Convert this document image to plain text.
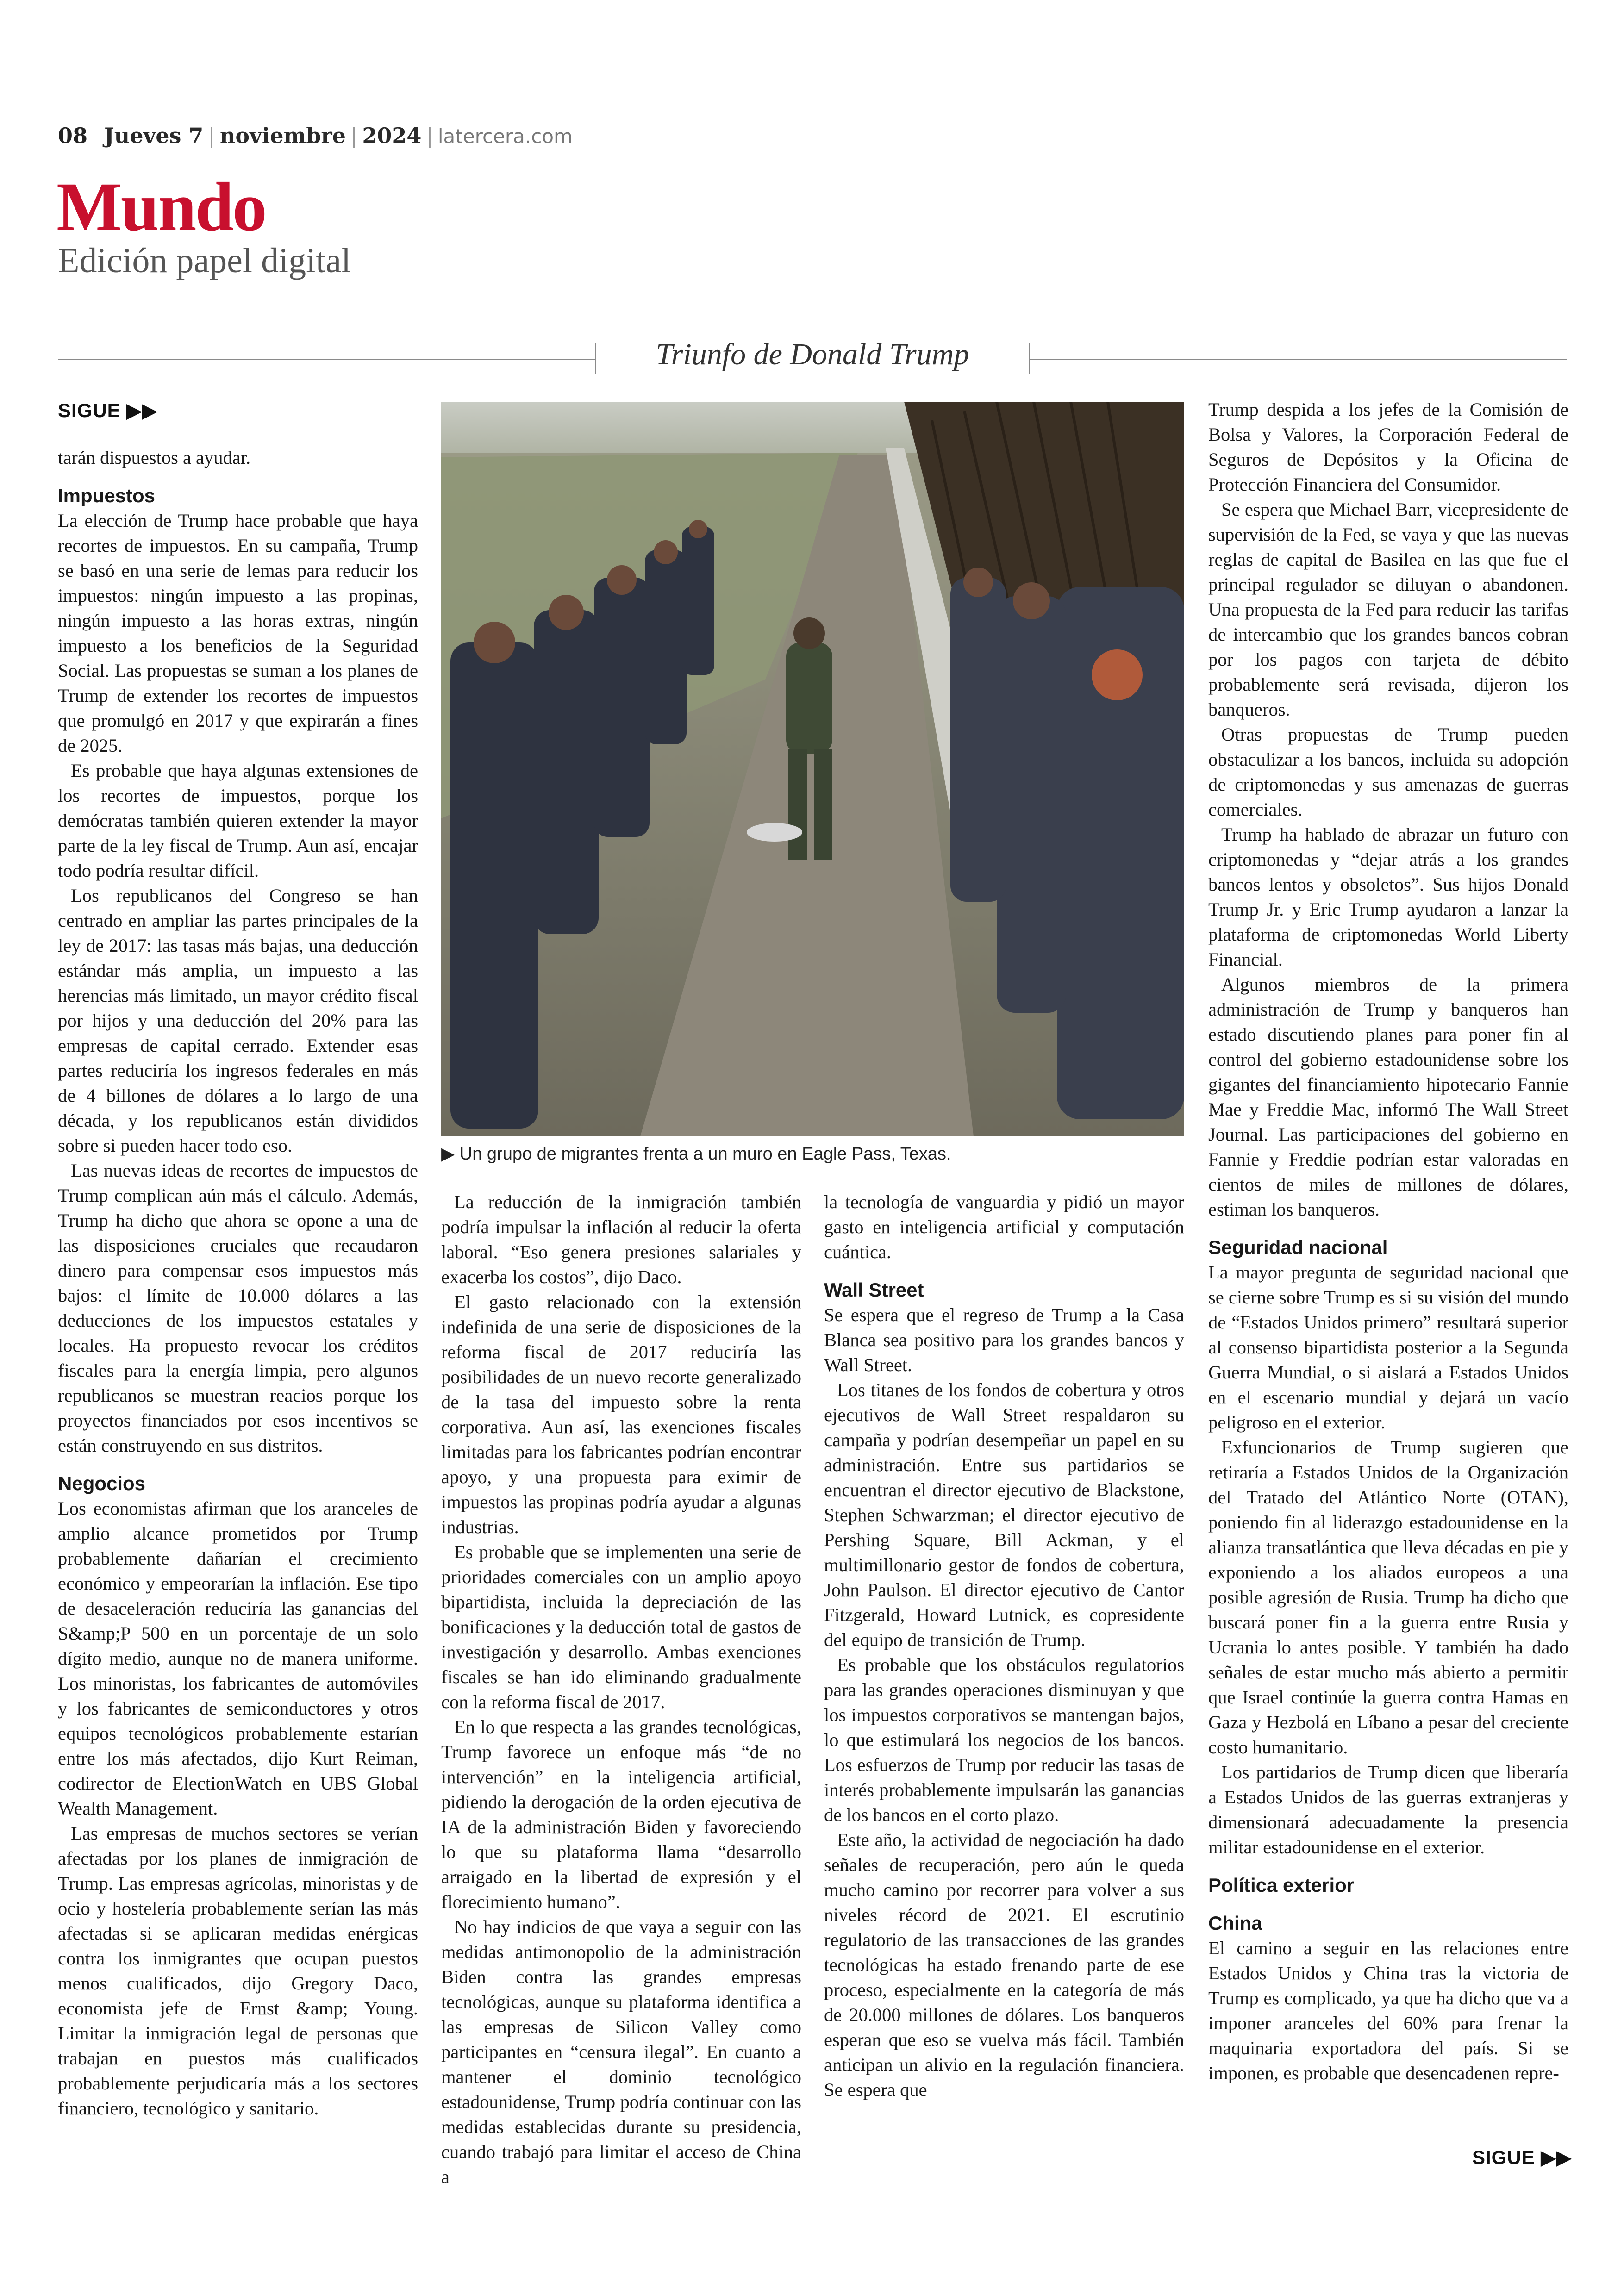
08 Jueves 7 | noviembre | 2024 | latercera.com
Mundo
Edición papel digital
Triunfo de Donald Trump
SIGUE ▶▶

tarán dispuestos a ayudar.

Impuestos

La elección de Trump hace probable que haya recortes de impuestos. En su campaña, Trump se basó en una serie de lemas para reducir los impuestos: ningún impuesto a las propinas, ningún impuesto a las horas extras, ningún impuesto a los beneficios de la Seguridad Social. Las propuestas se suman a los planes de Trump de extender los recortes de impuestos que promulgó en 2017 y que expirarán a fines de 2025.

Es probable que haya algunas extensiones de los recortes de impuestos, porque los demócratas también quieren extender la mayor parte de la ley fiscal de Trump. Aun así, encajar todo podría resultar difícil.

Los republicanos del Congreso se han centrado en ampliar las partes principales de la ley de 2017: las tasas más bajas, una deducción estándar más amplia, un impuesto a las herencias más limitado, un mayor crédito fiscal por hijos y una deducción del 20% para las empresas de capital cerrado. Extender esas partes reduciría los ingresos federales en más de 4 billones de dólares a lo largo de una década, y los republicanos están divididos sobre si pueden hacer todo eso.

Las nuevas ideas de recortes de impuestos de Trump complican aún más el cálculo. Además, Trump ha dicho que ahora se opone a una de las disposiciones cruciales que recaudaron dinero para compensar esos impuestos más bajos: el límite de 10.000 dólares a las deducciones de los impuestos estatales y locales. Ha propuesto revocar los créditos fiscales para la energía limpia, pero algunos republicanos se muestran reacios porque los proyectos financiados por esos incentivos se están construyendo en sus distritos.

Negocios

Los economistas afirman que los aranceles de amplio alcance prometidos por Trump probablemente dañarían el crecimiento económico y empeorarían la inflación. Ese tipo de desaceleración reduciría las ganancias del S&amp;P 500 en un porcentaje de un solo dígito medio, aunque no de manera uniforme. Los minoristas, los fabricantes de automóviles y los fabricantes de semiconductores y otros equipos tecnológicos probablemente estarían entre los más afectados, dijo Kurt Reiman, codirector de ElectionWatch en UBS Global Wealth Management.

Las empresas de muchos sectores se verían afectadas por los planes de inmigración de Trump. Las empresas agrícolas, minoristas y de ocio y hostelería probablemente serían las más afectadas si se aplicaran medidas enérgicas contra los inmigrantes que ocupan puestos menos cualificados, dijo Gregory Daco, economista jefe de Ernst &amp; Young. Limitar la inmigración legal de personas que trabajan en puestos más cualificados probablemente perjudicaría más a los sectores financiero, tecnológico y sanitario.

▶ Un grupo de migrantes frenta a un muro en Eagle Pass, Texas.

La reducción de la inmigración también podría impulsar la inflación al reducir la oferta laboral. “Eso genera presiones salariales y exacerba los costos”, dijo Daco.

El gasto relacionado con la extensión indefinida de una serie de disposiciones de la reforma fiscal de 2017 reduciría las posibilidades de un nuevo recorte generalizado de la tasa del impuesto sobre la renta corporativa. Aun así, las exenciones fiscales limitadas para los fabricantes podrían encontrar apoyo, y una propuesta para eximir de impuestos las propinas podría ayudar a algunas industrias.

Es probable que se implementen una serie de prioridades comerciales con un amplio apoyo bipartidista, incluida la depreciación de las bonificaciones y la deducción total de gastos de investigación y desarrollo. Ambas exenciones fiscales se han ido eliminando gradualmente con la reforma fiscal de 2017.

En lo que respecta a las grandes tecnológicas, Trump favorece un enfoque más “de no intervención” en la inteligencia artificial, pidiendo la derogación de la orden ejecutiva de IA de la administración Biden y favoreciendo lo que su plataforma llama “desarrollo arraigado en la libertad de expresión y el florecimiento humano”.

No hay indicios de que vaya a seguir con las medidas antimonopolio de la administración Biden contra las grandes empresas tecnológicas, aunque su plataforma identifica a las empresas de Silicon Valley como participantes en “censura ilegal”. En cuanto a mantener el dominio tecnológico estadounidense, Trump podría continuar con las medidas establecidas durante su presidencia, cuando trabajó para limitar el acceso de China a

la tecnología de vanguardia y pidió un mayor gasto en inteligencia artificial y computación cuántica.

Wall Street

Se espera que el regreso de Trump a la Casa Blanca sea positivo para los grandes bancos y Wall Street.

Los titanes de los fondos de cobertura y otros ejecutivos de Wall Street respaldaron su campaña y podrían desempeñar un papel en su administración. Entre sus partidarios se encuentran el director ejecutivo de Blackstone, Stephen Schwarzman; el director ejecutivo de Pershing Square, Bill Ackman, y el multimillonario gestor de fondos de cobertura, John Paulson. El director ejecutivo de Cantor Fitzgerald, Howard Lutnick, es copresidente del equipo de transición de Trump.

Es probable que los obstáculos regulatorios para las grandes operaciones disminuyan y que los impuestos corporativos se mantengan bajos, lo que estimulará los negocios de los bancos. Los esfuerzos de Trump por reducir las tasas de interés probablemente impulsarán las ganancias de los bancos en el corto plazo.

Este año, la actividad de negociación ha dado señales de recuperación, pero aún le queda mucho camino por recorrer para volver a sus niveles récord de 2021. El escrutinio regulatorio de las transacciones de las grandes tecnológicas ha estado frenando parte de ese proceso, especialmente en la categoría de más de 20.000 millones de dólares. Los banqueros esperan que eso se vuelva más fácil. También anticipan un alivio en la regulación financiera. Se espera que

Trump despida a los jefes de la Comisión de Bolsa y Valores, la Corporación Federal de Seguros de Depósitos y la Oficina de Protección Financiera del Consumidor.

Se espera que Michael Barr, vicepresidente de supervisión de la Fed, se vaya y que las nuevas reglas de capital de Basilea en las que fue el principal regulador se diluyan o abandonen. Una propuesta de la Fed para reducir las tarifas de intercambio que los grandes bancos cobran por los pagos con tarjeta de débito probablemente será revisada, dijeron los banqueros.

Otras propuestas de Trump pueden obstaculizar a los bancos, incluida su adopción de criptomonedas y sus amenazas de guerras comerciales.

Trump ha hablado de abrazar un futuro con criptomonedas y “dejar atrás a los grandes bancos lentos y obsoletos”. Sus hijos Donald Trump Jr. y Eric Trump ayudaron a lanzar la plataforma de criptomonedas World Liberty Financial.

Algunos miembros de la primera administración de Trump y banqueros han estado discutiendo planes para poner fin al control del gobierno estadounidense sobre los gigantes del financiamiento hipotecario Fannie Mae y Freddie Mac, informó The Wall Street Journal. Las participaciones del gobierno en Fannie y Freddie podrían estar valoradas en cientos de miles de millones de dólares, estiman los banqueros.

Seguridad nacional

La mayor pregunta de seguridad nacional que se cierne sobre Trump es si su visión del mundo de “Estados Unidos primero” resultará superior al consenso bipartidista posterior a la Segunda Guerra Mundial, o si aislará a Estados Unidos en el escenario mundial y dejará un vacío peligroso en el exterior.

Exfuncionarios de Trump sugieren que retiraría a Estados Unidos de la Organización del Tratado del Atlántico Norte (OTAN), poniendo fin al liderazgo estadounidense en la alianza transatlántica que lleva décadas en pie y exponiendo a los aliados europeos a una posible agresión de Rusia. Trump ha dicho que buscará poner fin a la guerra entre Rusia y Ucrania lo antes posible. Y también ha dado señales de estar mucho más abierto a permitir que Israel continúe la guerra contra Hamas en Gaza y Hezbolá en Líbano a pesar del creciente costo humanitario.

Los partidarios de Trump dicen que liberaría a Estados Unidos de las guerras extranjeras y dimensionará adecuadamente la presencia militar estadounidense en el exterior.

Política exterior
China

El camino a seguir en las relaciones entre Estados Unidos y China tras la victoria de Trump es complicado, ya que ha dicho que va a imponer aranceles del 60% para frenar la maquinaria exportadora del país. Si se imponen, es probable que desencadenen repre-

SIGUE ▶▶
